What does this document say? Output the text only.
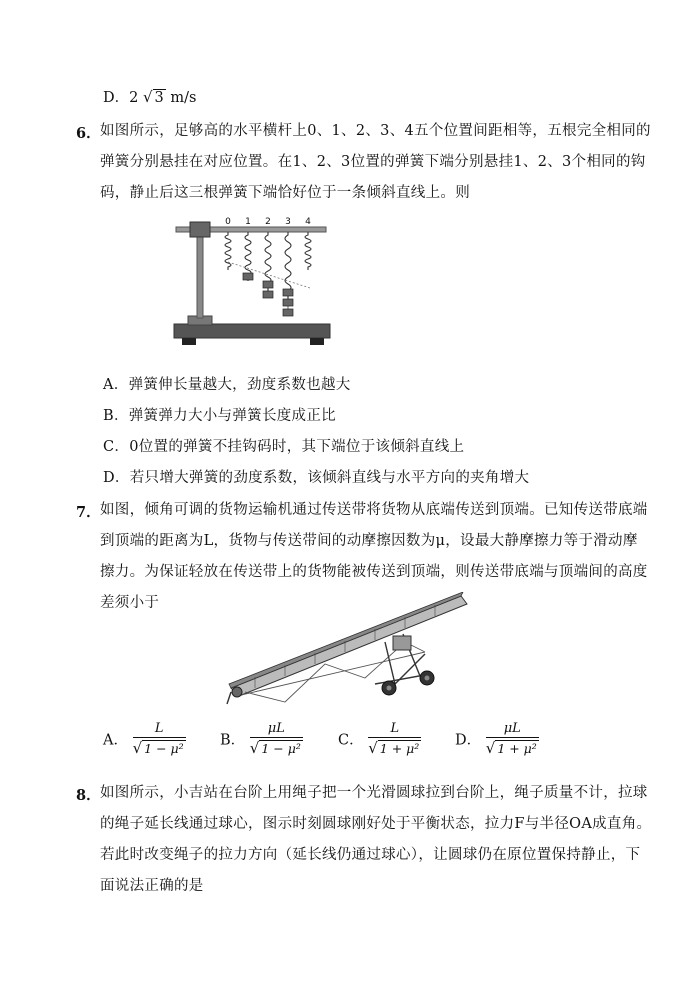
D．2 √ 3 m/s
6． 如图所示，足够高的水平横杆上0、1、2、3、4五个位置间距相等，五根完全相同的
弹簧分别悬挂在对应位置。在1、2、3位置的弹簧下端分别悬挂1、2、3个相同的钩
码，静止后这三根弹簧下端恰好位于一条倾斜直线上。则
0 1 2 3 4
A．弹簧伸长量越大，劲度系数也越大
B．弹簧弹力大小与弹簧长度成正比
C．0位置的弹簧不挂钩码时，其下端位于该倾斜直线上
D．若只增大弹簧的劲度系数，该倾斜直线与水平方向的夹角增大
7． 如图，倾角可调的货物运输机通过传送带将货物从底端传送到顶端。已知传送带底端
到顶端的距离为L，货物与传送带间的动摩擦因数为μ，设最大静摩擦力等于滑动摩
擦力。为保证轻放在传送带上的货物能被传送到顶端，则传送带底端与顶端间的高度
差须小于
A． $\frac{L}{\text{√ 1 − μ²}}$ B． $\frac{\mu L}{\text{√ 1 − μ²}}$ C． $\frac{L}{\text{√ 1 + μ²}}$ D． $\frac{\mu L}{\text{√ 1 + μ²}}$
8． 如图所示，小吉站在台阶上用绳子把一个光滑圆球拉到台阶上，绳子质量不计，拉球
的绳子延长线通过球心，图示时刻圆球刚好处于平衡状态，拉力F与半径OA成直角。
若此时改变绳子的拉力方向（延长线仍通过球心），让圆球仍在原位置保持静止，下
面说法正确的是
